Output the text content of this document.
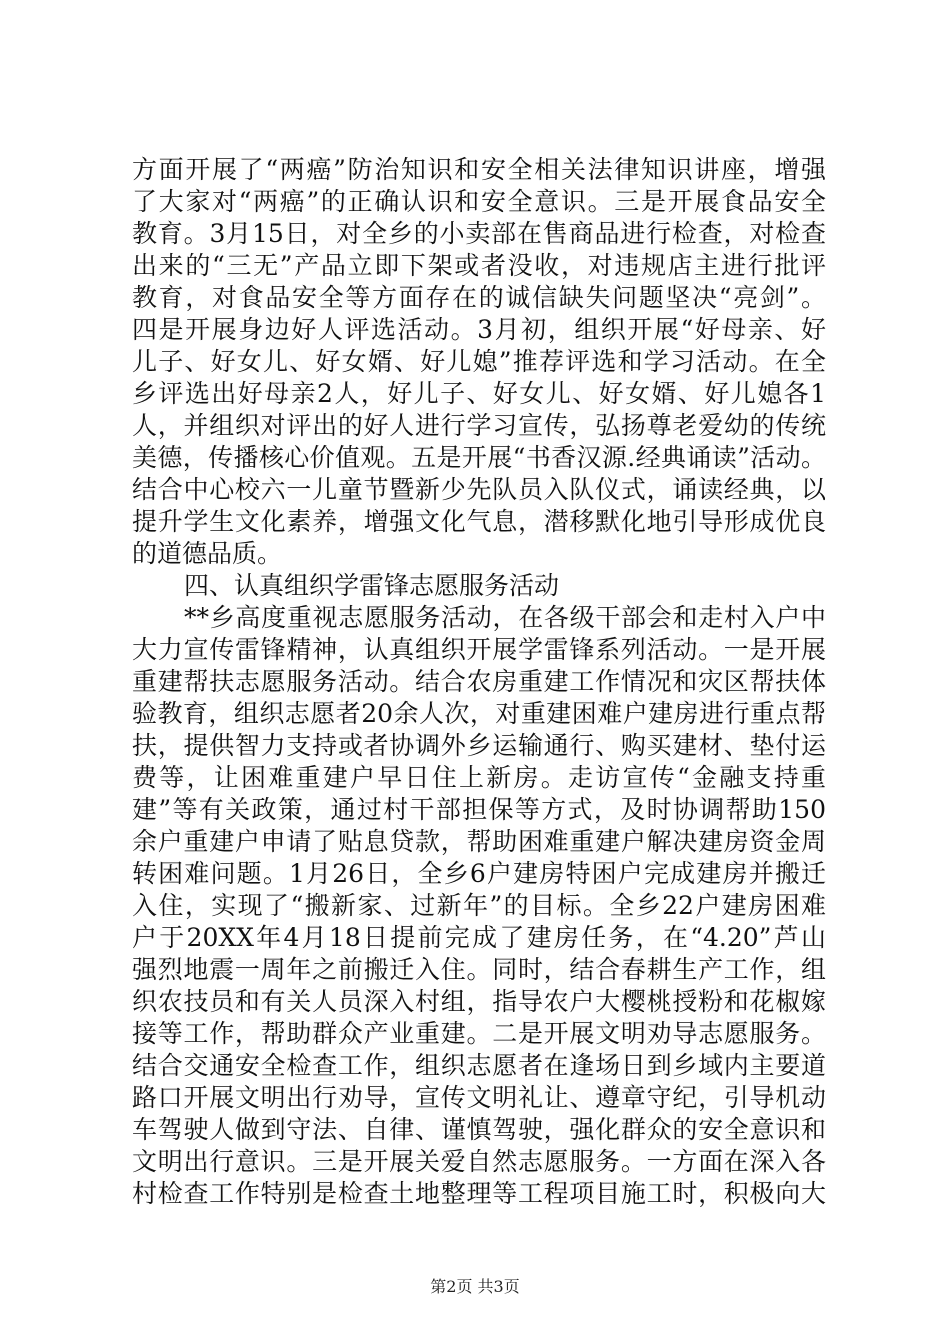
方面开展了“两癌”防治知识和安全相关法律知识讲座，增强
了大家对“两癌”的正确认识和安全意识。三是开展食品安全
教育。3月15日，对全乡的小卖部在售商品进行检查，对检查
出来的“三无”产品立即下架或者没收，对违规店主进行批评
教育，对食品安全等方面存在的诚信缺失问题坚决“亮剑”。
四是开展身边好人评选活动。3月初，组织开展“好母亲、好
儿子、好女儿、好女婿、好儿媳”推荐评选和学习活动。在全
乡评选出好母亲2人，好儿子、好女儿、好女婿、好儿媳各1
人，并组织对评出的好人进行学习宣传，弘扬尊老爱幼的传统
美德，传播核心价值观。五是开展“书香汉源.经典诵读”活动。
结合中心校六一儿童节暨新少先队员入队仪式，诵读经典，以
提升学生文化素养，增强文化气息，潜移默化地引导形成优良
的道德品质。
四、认真组织学雷锋志愿服务活动
**乡高度重视志愿服务活动，在各级干部会和走村入户中
大力宣传雷锋精神，认真组织开展学雷锋系列活动。一是开展
重建帮扶志愿服务活动。结合农房重建工作情况和灾区帮扶体
验教育，组织志愿者20余人次，对重建困难户建房进行重点帮
扶，提供智力支持或者协调外乡运输通行、购买建材、垫付运
费等，让困难重建户早日住上新房。走访宣传“金融支持重
建”等有关政策，通过村干部担保等方式，及时协调帮助150
余户重建户申请了贴息贷款，帮助困难重建户解决建房资金周
转困难问题。1月26日，全乡6户建房特困户完成建房并搬迁
入住，实现了“搬新家、过新年”的目标。全乡22户建房困难
户于20XX年4月18日提前完成了建房任务，在“4.20”芦山
强烈地震一周年之前搬迁入住。同时，结合春耕生产工作，组
织农技员和有关人员深入村组，指导农户大樱桃授粉和花椒嫁
接等工作，帮助群众产业重建。二是开展文明劝导志愿服务。
结合交通安全检查工作，组织志愿者在逢场日到乡域内主要道
路口开展文明出行劝导，宣传文明礼让、遵章守纪，引导机动
车驾驶人做到守法、自律、谨慎驾驶，强化群众的安全意识和
文明出行意识。三是开展关爱自然志愿服务。一方面在深入各
村检查工作特别是检查土地整理等工程项目施工时，积极向大
第2页 共3页
